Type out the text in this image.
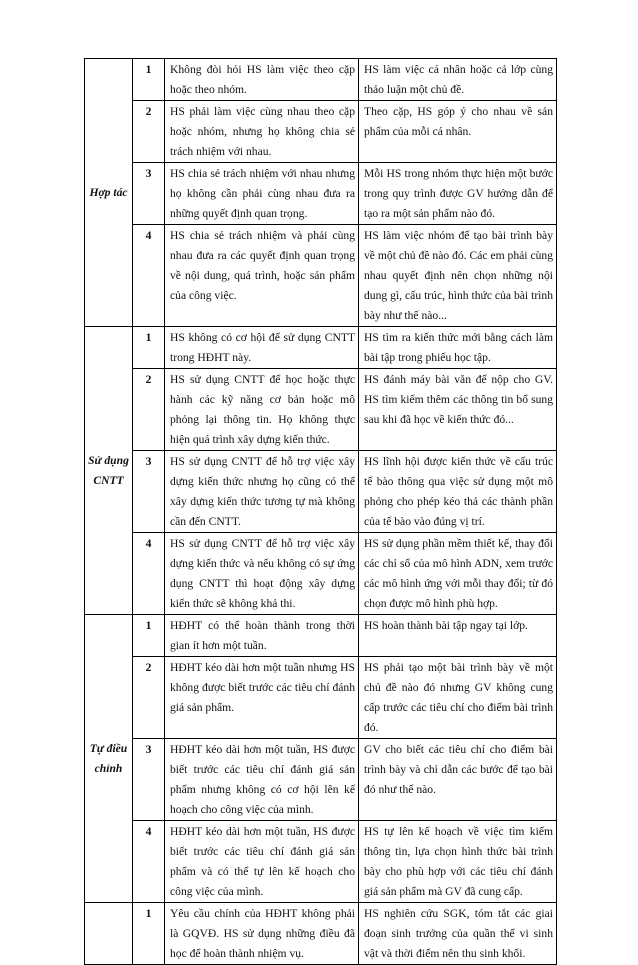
Hợp tác	1	Không đòi hỏi HS làm việc theo cặp hoặc theo nhóm.	HS làm việc cá nhân hoặc cả lớp cùng thảo luận một chủ đề.
	2	HS phải làm việc cùng nhau theo cặp hoặc nhóm, nhưng họ không chia sẻ trách nhiệm với nhau.	Theo cặp, HS góp ý cho nhau về sản phẩm của mỗi cá nhân.
	3	HS chia sẻ trách nhiệm với nhau nhưng họ không cần phải cùng nhau đưa ra những quyết định quan trọng.	Mỗi HS trong nhóm thực hiện một bước trong quy trình được GV hướng dẫn để tạo ra một sản phẩm nào đó.
	4	HS chia sẻ trách nhiệm và phải cùng nhau đưa ra các quyết định quan trọng về nội dung, quá trình, hoặc sản phẩm của công việc.	HS làm việc nhóm để tạo bài trình bày về một chủ đề nào đó. Các em phải cùng nhau quyết định nên chọn những nội dung gì, cấu trúc, hình thức của bài trình bày như thế nào...
Sử dụng CNTT	1	HS không có cơ hội để sử dụng CNTT trong HĐHT này.	HS tìm ra kiến thức mới bằng cách làm bài tập trong phiếu học tập.
	2	HS sử dụng CNTT để học hoặc thực hành các kỹ năng cơ bản hoặc mô phỏng lại thông tin. Họ không thực hiện quá trình xây dựng kiến thức.	HS đánh máy bài văn để nộp cho GV. HS tìm kiếm thêm các thông tin bổ sung sau khi đã học về kiến thức đó...
	3	HS sử dụng CNTT để hỗ trợ việc xây dựng kiến thức nhưng họ cũng có thể xây dựng kiến thức tương tự mà không cần đến CNTT.	HS lĩnh hội được kiến thức về cấu trúc tế bào thông qua việc sử dụng một mô phỏng cho phép kéo thả các thành phần của tế bào vào đúng vị trí.
	4	HS sử dụng CNTT để hỗ trợ việc xây dựng kiến thức và nếu không có sự ứng dụng CNTT thì hoạt động xây dựng kiến thức sẽ không khả thi.	HS sử dụng phần mềm thiết kế, thay đổi các chỉ số của mô hình ADN, xem trước các mô hình ứng với mỗi thay đổi; từ đó chọn được mô hình phù hợp.
Tự điều chỉnh	1	HĐHT có thể hoàn thành trong thời gian ít hơn một tuần.	HS hoàn thành bài tập ngay tại lớp.
	2	HĐHT kéo dài hơn một tuần nhưng HS không được biết trước các tiêu chí đánh giá sản phẩm.	HS phải tạo một bài trình bày về một chủ đề nào đó nhưng GV không cung cấp trước các tiêu chí cho điểm bài trình đó.
	3	HĐHT kéo dài hơn một tuần, HS được biết trước các tiêu chí đánh giá sản phẩm nhưng không có cơ hội lên kế hoạch cho công việc của mình.	GV cho biết các tiêu chí cho điểm bài trình bày và chỉ dẫn các bước để tạo bài đó như thế nào.
	4	HĐHT kéo dài hơn một tuần, HS được biết trước các tiêu chí đánh giá sản phẩm và có thể tự lên kế hoạch cho công việc của mình.	HS tự lên kế hoạch về việc tìm kiếm thông tin, lựa chọn hình thức bài trình bày cho phù hợp với các tiêu chí đánh giá sản phẩm mà GV đã cung cấp.
	1	Yêu cầu chính của HĐHT không phải là GQVĐ. HS sử dụng những điều đã học để hoàn thành nhiệm vụ.	HS nghiên cứu SGK, tóm tắt các giai đoạn sinh trưởng của quần thể vi sinh vật và thời điểm nên thu sinh khối.
